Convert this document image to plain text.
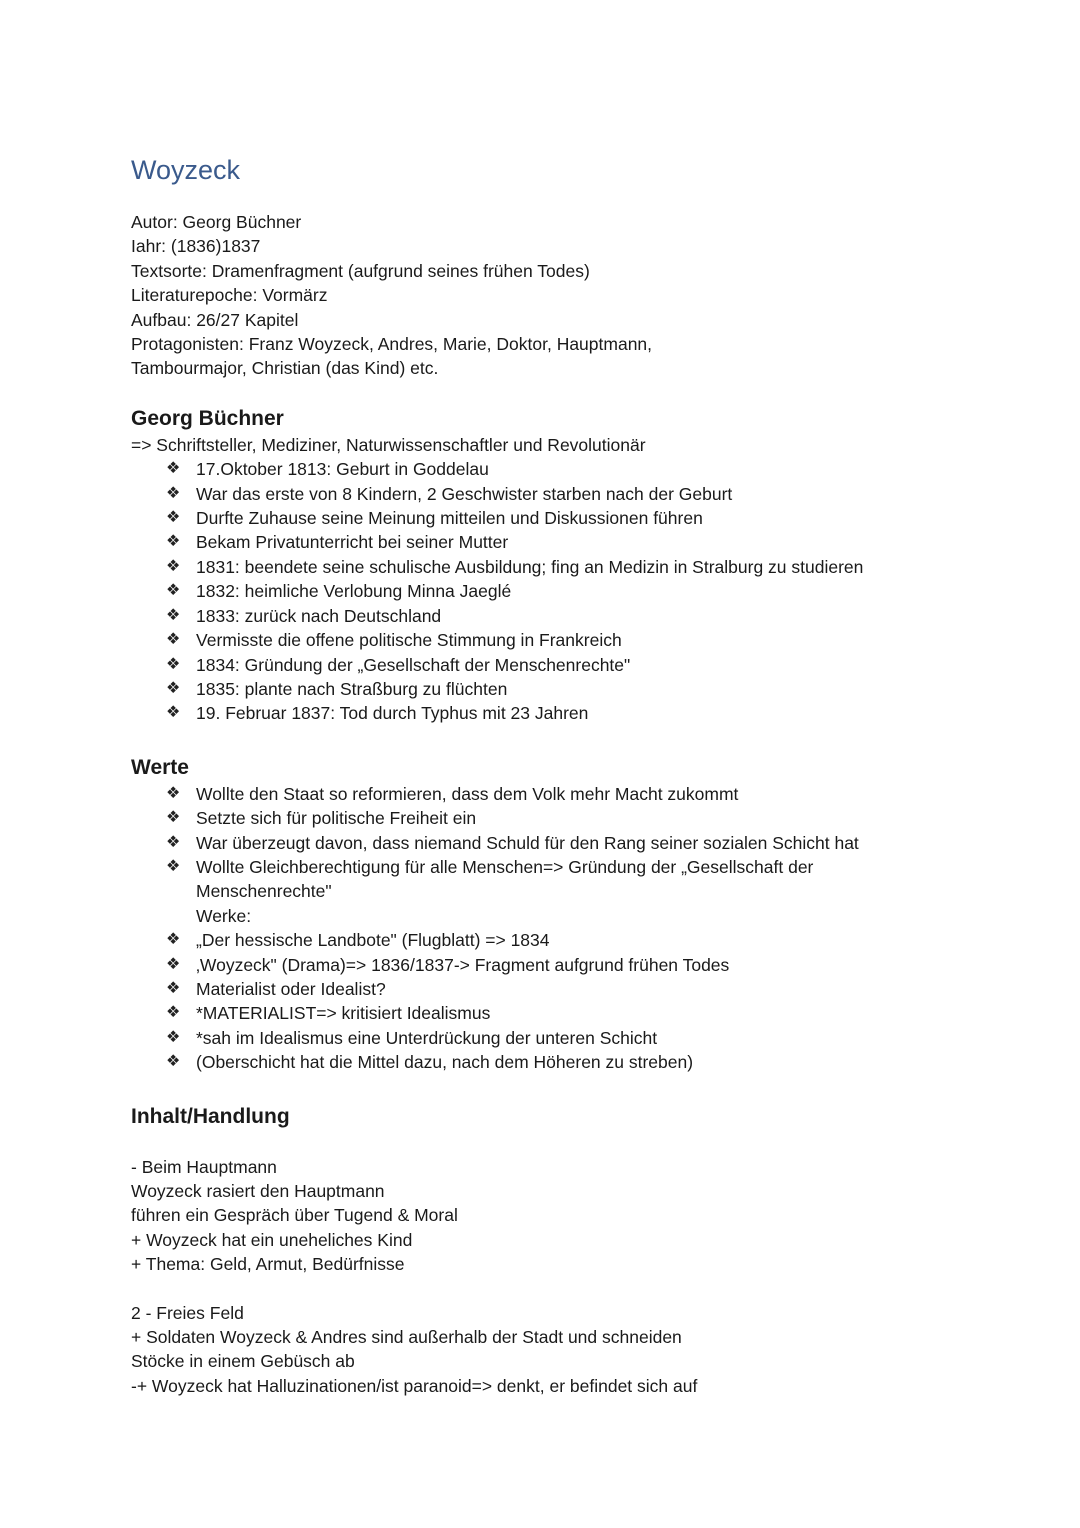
Woyzeck

Autor: Georg Büchner

Iahr: (1836)1837

Textsorte: Dramenfragment (aufgrund seines frühen Todes)

Literaturepoche: Vormärz

Aufbau: 26/27 Kapitel

Protagonisten: Franz Woyzeck, Andres, Marie, Doktor, Hauptmann,

Tambourmajor, Christian (das Kind) etc.

Georg Büchner

=> Schriftsteller, Mediziner, Naturwissenschaftler und Revolutionär

❖ 17.Oktober 1813: Geburt in Goddelau
❖ War das erste von 8 Kindern, 2 Geschwister starben nach der Geburt
❖ Durfte Zuhause seine Meinung mitteilen und Diskussionen führen
❖ Bekam Privatunterricht bei seiner Mutter
❖ 1831: beendete seine schulische Ausbildung; fing an Medizin in Stralburg zu studieren
❖ 1832: heimliche Verlobung Minna Jaeglé
❖ 1833: zurück nach Deutschland
❖ Vermisste die offene politische Stimmung in Frankreich
❖ 1834: Gründung der „Gesellschaft der Menschenrechte"
❖ 1835: plante nach Straßburg zu flüchten
❖ 19. Februar 1837: Tod durch Typhus mit 23 Jahren
Werte
❖ Wollte den Staat so reformieren, dass dem Volk mehr Macht zukommt
❖ Setzte sich für politische Freiheit ein
❖ War überzeugt davon, dass niemand Schuld für den Rang seiner sozialen Schicht hat
❖ Wollte Gleichberechtigung für alle Menschen=> Gründung der „Gesellschaft der
Menschenrechte"
Werke:
❖ „Der hessische Landbote" (Flugblatt) => 1834
❖ ‚Woyzeck" (Drama)=> 1836/1837-> Fragment aufgrund frühen Todes
❖ Materialist oder Idealist?
❖ *MATERIALIST=> kritisiert Idealismus
❖ *sah im Idealismus eine Unterdrückung der unteren Schicht
❖ (Oberschicht hat die Mittel dazu, nach dem Höheren zu streben)
Inhalt/Handlung

- Beim Hauptmann

Woyzeck rasiert den Hauptmann

führen ein Gespräch über Tugend & Moral

+ Woyzeck hat ein uneheliches Kind

+ Thema: Geld, Armut, Bedürfnisse

2 - Freies Feld

+ Soldaten Woyzeck & Andres sind außerhalb der Stadt und schneiden

Stöcke in einem Gebüsch ab

-+ Woyzeck hat Halluzinationen/ist paranoid=> denkt, er befindet sich auf
